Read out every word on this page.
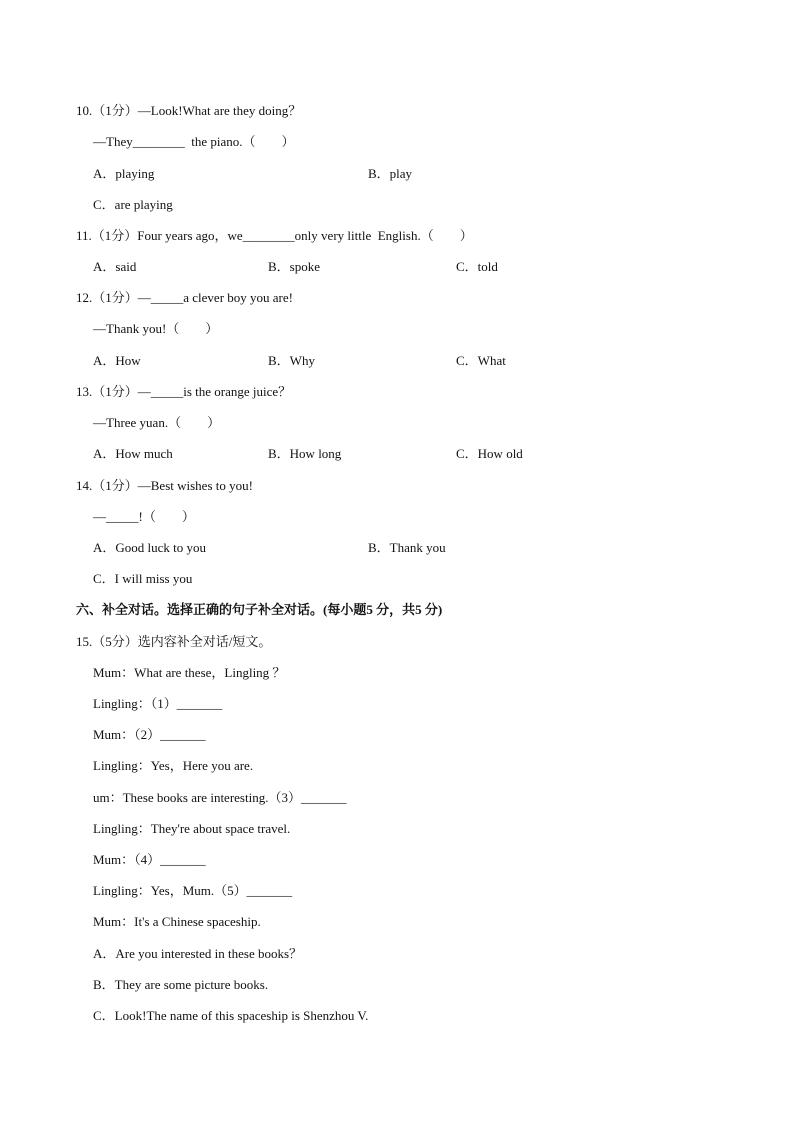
10.（1分）—Look!What are they doing？
—They________  the piano.（　　）
A．playing	B．play
C．are playing
11.（1分）Four years ago，we________only very little  English.（　　）
A．said	B．spoke	C．told
12.（1分）—_____a clever boy you are!
—Thank you!（　　）
A．How	B．Why	C．What
13.（1分）—_____is the orange juice？
—Three yuan.（　　）
A．How much	B．How long	C．How old
14.（1分）—Best wishes to you!
—_____!（　　）
A．Good luck to you	B．Thank you
C．I will miss you
六、补全对话。选择正确的句子补全对话。(每小题5 分，共5 分)
15.（5分）选内容补全对话/短文。
Mum：What are these，Lingling ？
Lingling：（1）_______
Mum：（2）_______
Lingling：Yes，Here you are.
um：These books are interesting.（3）_______
Lingling：They're about space travel.
Mum：（4）_______
Lingling：Yes，Mum.（5）_______
Mum：It's a Chinese spaceship.
A．Are you interested in these books？
B．They are some picture books.
C．Look!The name of this spaceship is Shenzhou V.
